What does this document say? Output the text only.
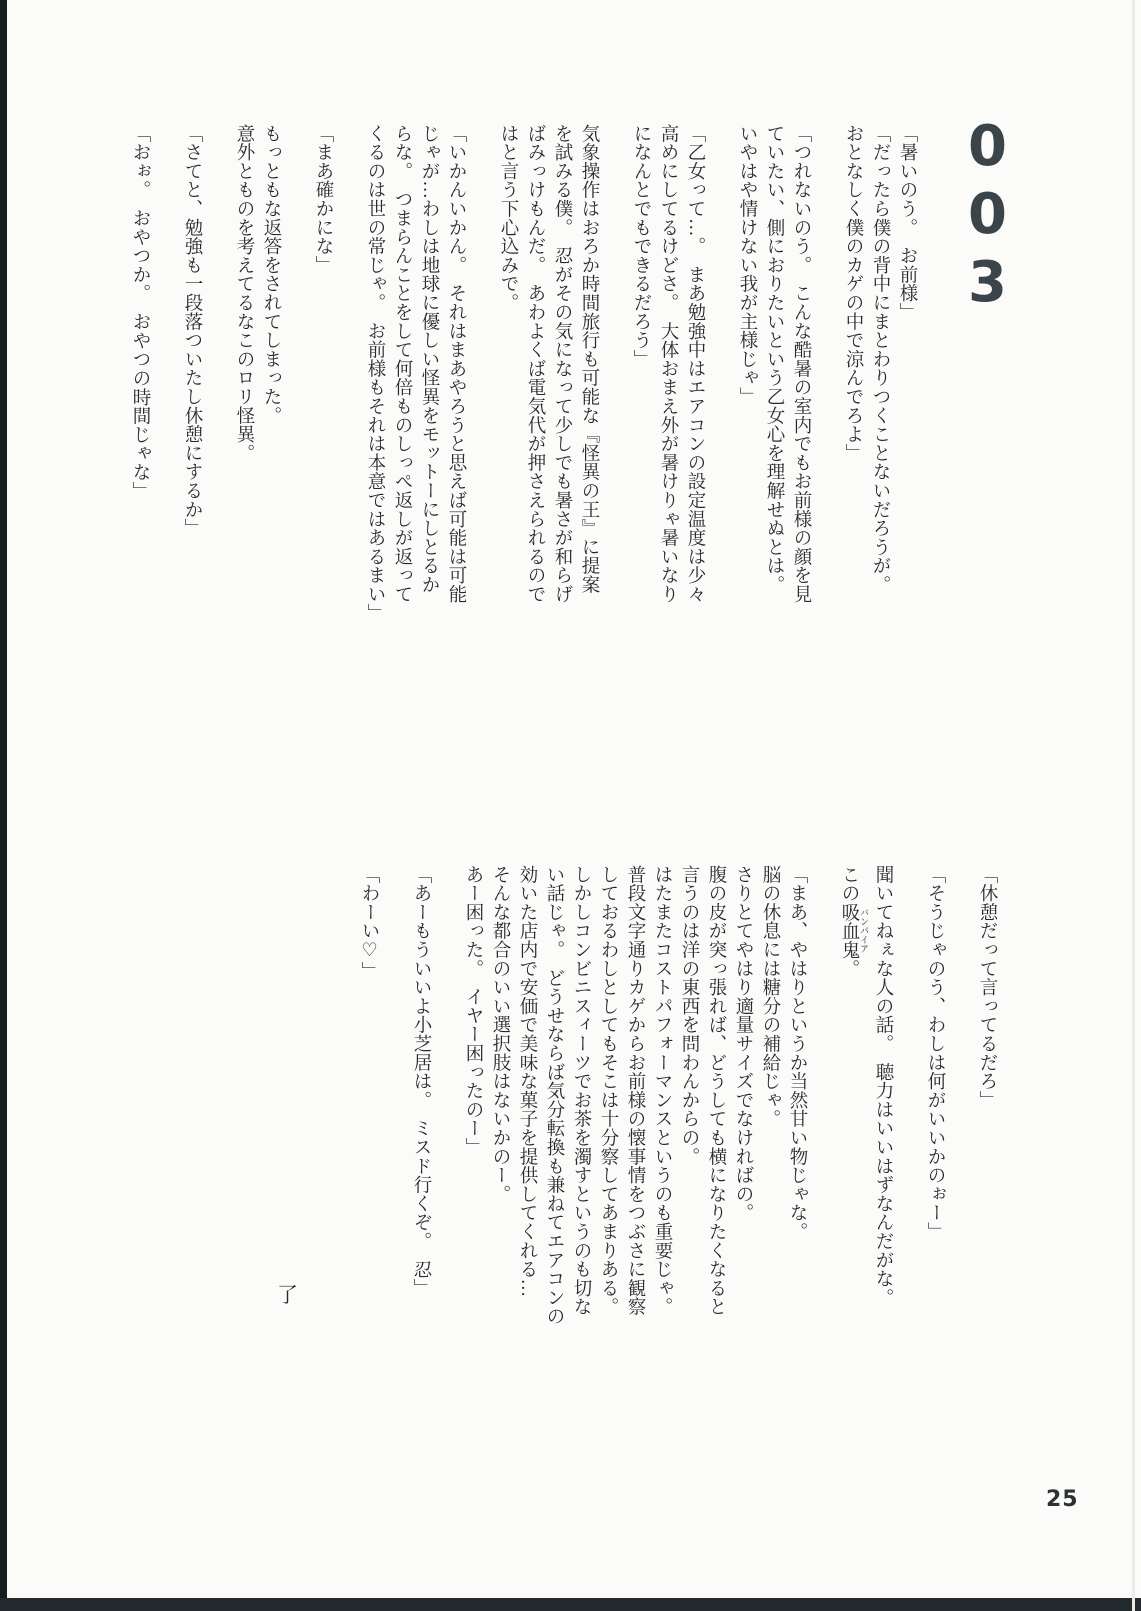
003
「暑いのう。　お前様」
「だったら僕の背中にまとわりつくことないだろうが。
おとなしく僕のカゲの中で涼んでろよ」
「つれないのう。　こんな酷暑の室内でもお前様の顔を見
ていたい、側におりたいという乙女心を理解せぬとは。
いやはや情けない我が主様じゃ」
「乙女って…。　まあ勉強中はエアコンの設定温度は少々
高めにしてるけどさ。　大体おまえ外が暑けりゃ暑いなり
になんとでもできるだろう」
気象操作はおろか時間旅行も可能な『怪異の王』に提案
を試みる僕。　忍がその気になって少しでも暑さが和らげ
ばみっけもんだ。　あわよくば電気代が押さえられるので
はと言う下心込みで。
「いかんいかん。　それはまあやろうと思えば可能は可能
じゃが…わしは地球に優しい怪異をモットーにしとるか
らな。　つまらんことをして何倍ものしっぺ返しが返って
くるのは世の常じゃ。　お前様もそれは本意ではあるまい」
「まあ確かにな」
もっともな返答をされてしまった。
意外とものを考えてるなこのロリ怪異。
「さてと、勉強も一段落ついたし休憩にするか」
「おぉ。　おやつか。　おやつの時間じゃな」
「休憩だって言ってるだろ」
「そうじゃのう、わしは何がいいかのぉー」
聞いてねぇな人の話。　聴力はいいはずなんだがな。
この吸血鬼 バンパイア。
「まあ、やはりというか当然甘い物じゃな。
脳の休息には糖分の補給じゃ。
さりとてやはり適量サイズでなければの。
腹の皮が突っ張れば、どうしても横になりたくなると
言うのは洋の東西を問わんからの。
はたまたコストパフォーマンスというのも重要じゃ。
普段文字通りカゲからお前様の懐事情をつぶさに観察
しておるわしとしてもそこは十分察してあまりある。
しかしコンビニスィーツでお茶を濁すというのも切な
い話じゃ。　どうせならば気分転換も兼ねてエアコンの
効いた店内で安価で美味な菓子を提供してくれる…
そんな都合のいい選択肢はないかのー。
あー困った。　イヤー困ったのー」
「あーもういいよ小芝居は。　ミスド行くぞ。　忍」
「わーい♡」
了
25
